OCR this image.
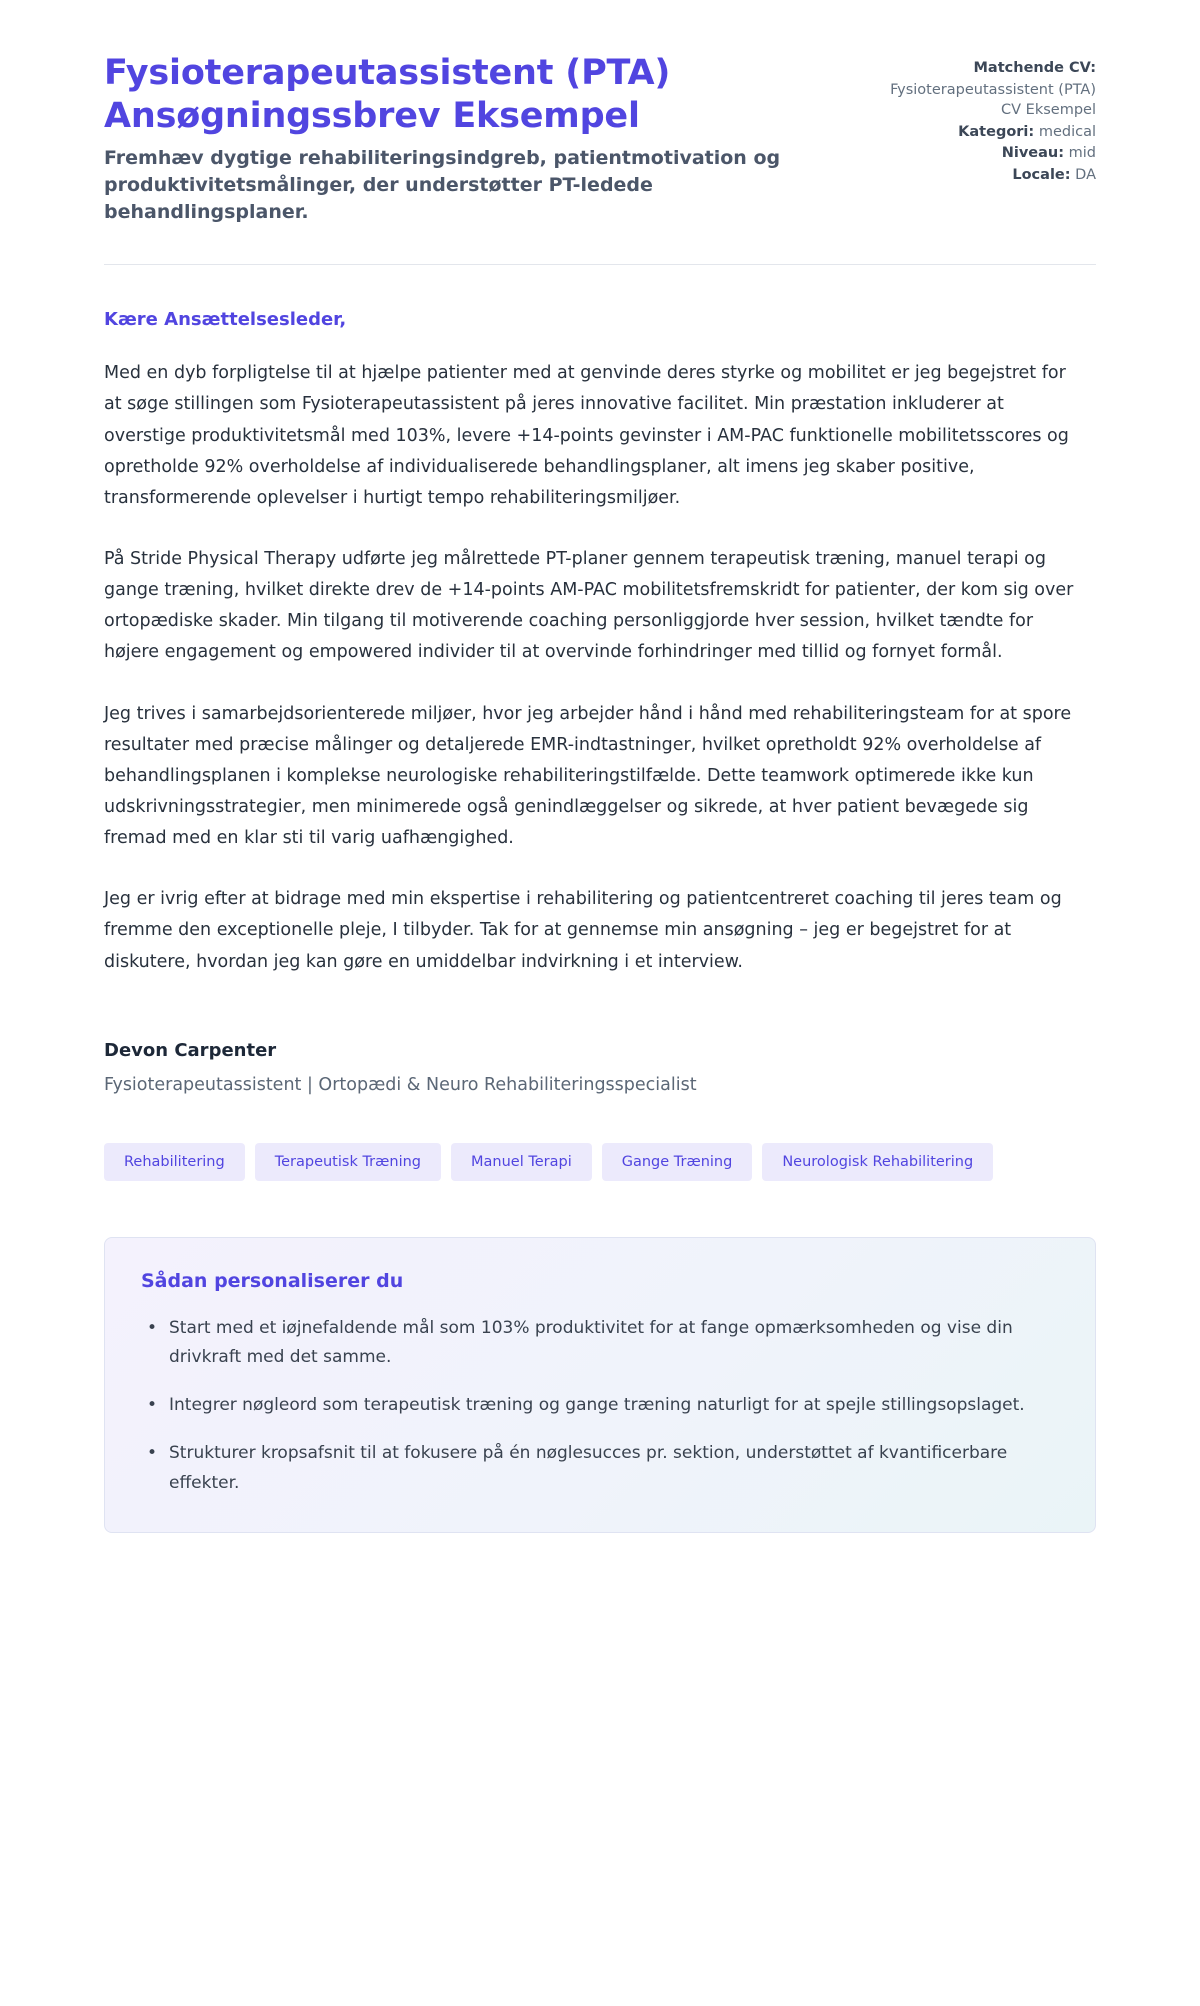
Fysioterapeutassistent (PTA) Ansøgningssbrev Eksempel

Fremhæv dygtige rehabiliteringsindgreb, patientmotivation og produktivitetsmålinger, der understøtter PT-ledede behandlingsplaner.

Matchende CV:
Fysioterapeutassistent (PTA) CV Eksempel
Kategori: medical
Niveau: mid
Locale: DA

Kære Ansættelsesleder,

Med en dyb forpligtelse til at hjælpe patienter med at genvinde deres styrke og mobilitet er jeg begejstret for at søge stillingen som Fysioterapeutassistent på jeres innovative facilitet. Min præstation inkluderer at overstige produktivitetsmål med 103%, levere +14-points gevinster i AM-PAC funktionelle mobilitetsscores og opretholde 92% overholdelse af individualiserede behandlingsplaner, alt imens jeg skaber positive, transformerende oplevelser i hurtigt tempo rehabiliteringsmiljøer.

På Stride Physical Therapy udførte jeg målrettede PT-planer gennem terapeutisk træning, manuel terapi og gange træning, hvilket direkte drev de +14-points AM-PAC mobilitetsfremskridt for patienter, der kom sig over ortopædiske skader. Min tilgang til motiverende coaching personliggjorde hver session, hvilket tændte for højere engagement og empowered individer til at overvinde forhindringer med tillid og fornyet formål.

Jeg trives i samarbejdsorienterede miljøer, hvor jeg arbejder hånd i hånd med rehabiliteringsteam for at spore resultater med præcise målinger og detaljerede EMR-indtastninger, hvilket opretholdt 92% overholdelse af behandlingsplanen i komplekse neurologiske rehabiliteringstilfælde. Dette teamwork optimerede ikke kun udskrivningsstrategier, men minimerede også genindlæggelser og sikrede, at hver patient bevægede sig fremad med en klar sti til varig uafhængighed.

Jeg er ivrig efter at bidrage med min ekspertise i rehabilitering og patientcentreret coaching til jeres team og fremme den exceptionelle pleje, I tilbyder. Tak for at gennemse min ansøgning – jeg er begejstret for at diskutere, hvordan jeg kan gøre en umiddelbar indvirkning i et interview.

Devon Carpenter

Fysioterapeutassistent | Ortopædi & Neuro Rehabiliteringsspecialist

Rehabilitering	Terapeutisk Træning	Manuel Terapi	Gange Træning	Neurologisk Rehabilitering
Sådan personaliserer du
• Start med et iøjnefaldende mål som 103% produktivitet for at fange opmærksomheden og vise din drivkraft med det samme.
• Integrer nøgleord som terapeutisk træning og gange træning naturligt for at spejle stillingsopslaget.
• Strukturer kropsafsnit til at fokusere på én nøglesucces pr. sektion, understøttet af kvantificerbare effekter.
